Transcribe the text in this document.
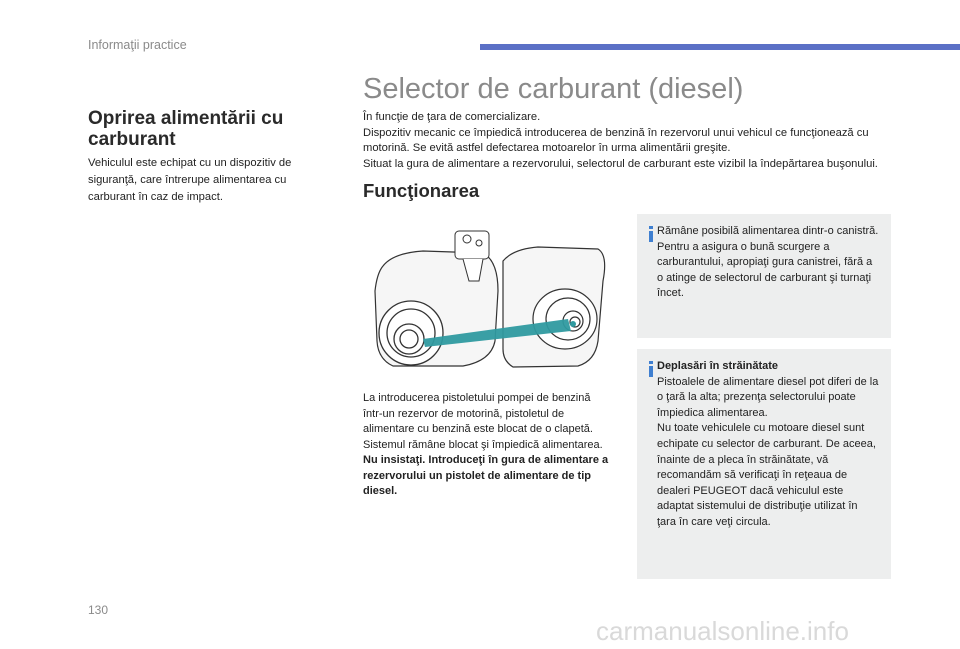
Informaţii practice
Oprirea alimentării cu carburant
Vehiculul este echipat cu un dispozitiv de siguranţă, care întrerupe alimentarea cu carburant în caz de impact.
Selector de carburant (diesel)
În funcţie de ţara de comercializare.
Dispozitiv mecanic ce împiedică introducerea de benzină în rezervorul unui vehicul ce funcţionează cu motorină. Se evită astfel defectarea motoarelor în urma alimentării greşite.
Situat la gura de alimentare a rezervorului, selectorul de carburant este vizibil la îndepărtarea buşonului.
Funcţionarea
La introducerea pistoletului pompei de benzină într-un rezervor de motorină, pistoletul de alimentare cu benzină este blocat de o clapetă. Sistemul rămâne blocat şi împiedică alimentarea.
Nu insistaţi. Introduceţi în gura de alimentare a rezervorului un pistolet de alimentare de tip diesel.
Rămâne posibilă alimentarea dintr-o canistră.
Pentru a asigura o bună scurgere a carburantului, apropiaţi gura canistrei, fără a o atinge de selectorul de carburant şi turnaţi încet.
Deplasări în străinătate
Pistoalele de alimentare diesel pot diferi de la o ţară la alta; prezenţa selectorului poate împiedica alimentarea.
Nu toate vehiculele cu motoare diesel sunt echipate cu selector de carburant. De aceea, înainte de a pleca în străinătate, vă recomandăm să verificaţi în reţeaua de dealeri PEUGEOT dacă vehiculul este adaptat sistemului de distribuţie utilizat în ţara în care veţi circula.
130
carmanualsonline.info
